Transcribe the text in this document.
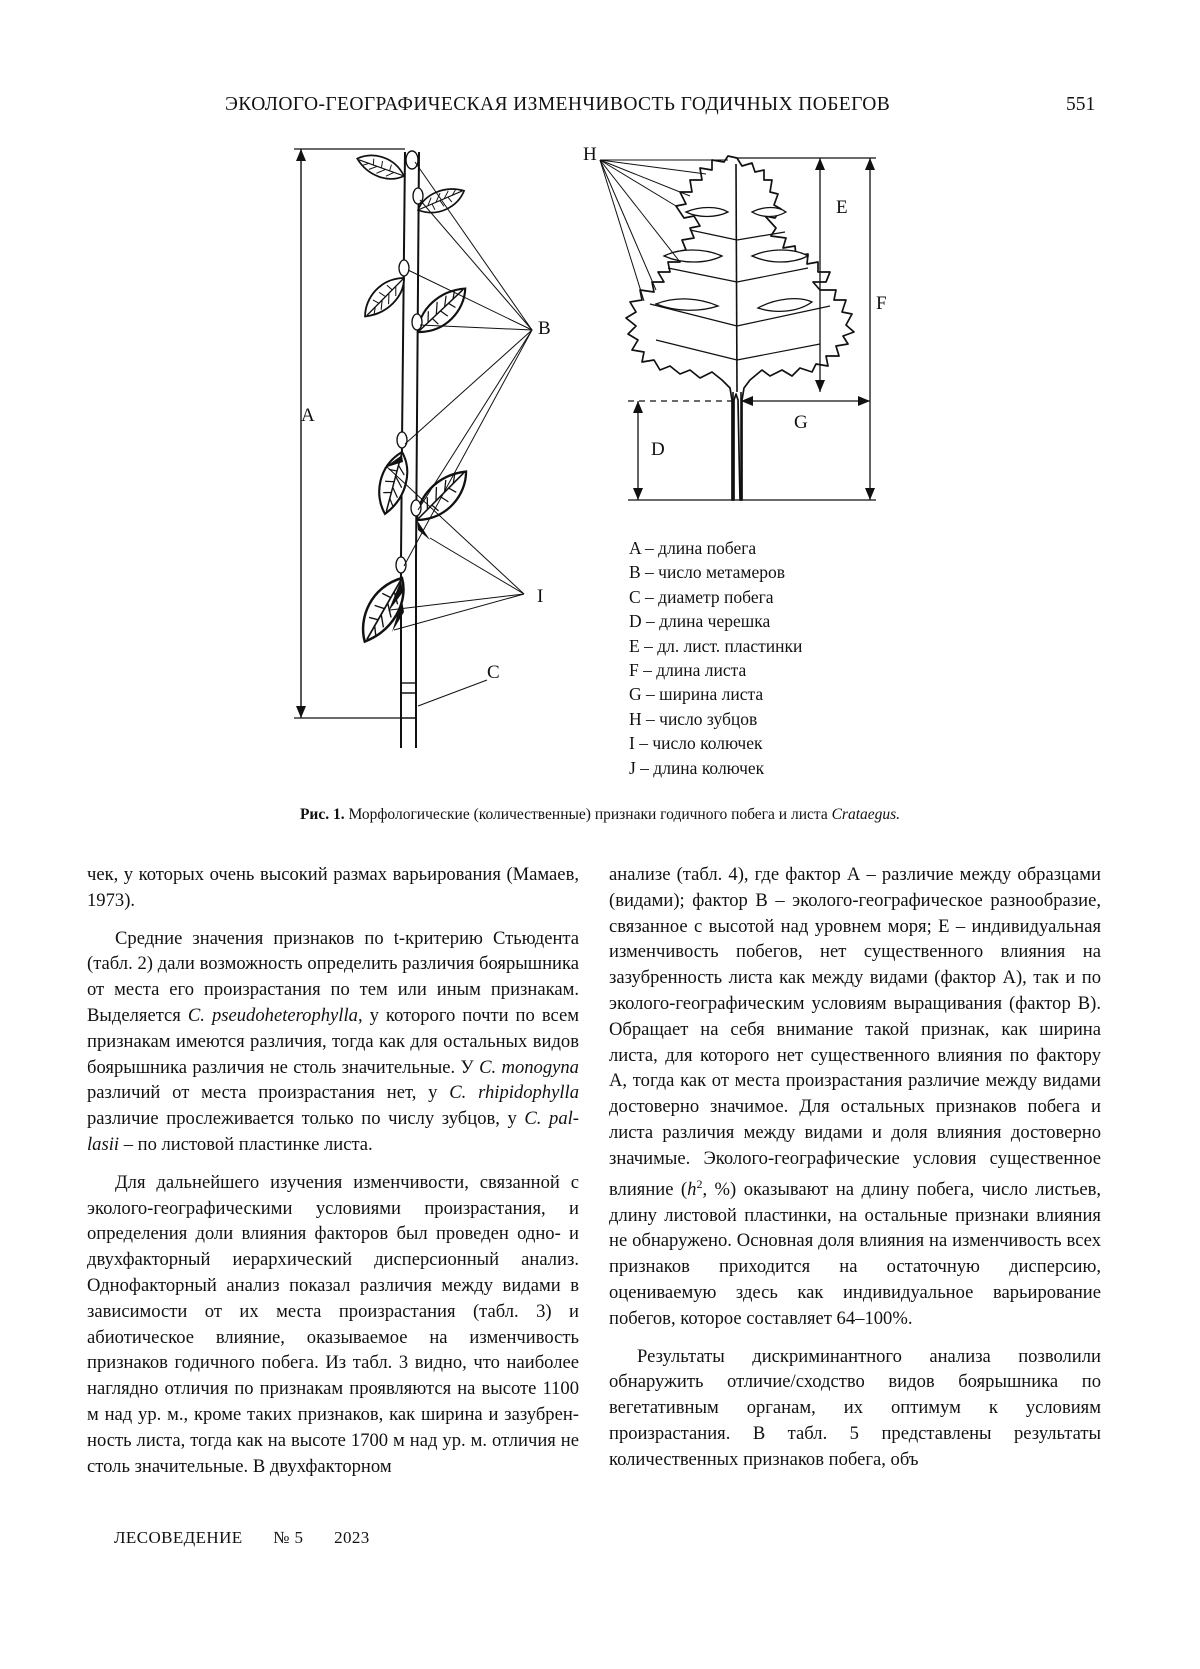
ЭКОЛОГО-ГЕОГРАФИЧЕСКАЯ ИЗМЕНЧИВОСТЬ ГОДИЧНЫХ ПОБЕГОВ	551
A
B
C
I
H
E
F
G
D
A – длина побега
B – число метамеров
C – диаметр побега
D – длина черешка
E – дл. лист. пластинки
F – длина листа
G – ширина листа
H – число зубцов
I – число колючек
J – длина колючек
Рис. 1. Морфологические (количественные) признаки годичного побега и листа Crataegus.

чек, у которых очень высокий размах варьирования (Мамаев, 1973).

Средние значения признаков по t-критерию Стьюдента (табл. 2) дали возможность определить различия боярышника от места его произрастания по тем или иным признакам. Выделяется C. pseudoheterophylla, у которого почти по всем признакам имеются различия, тогда как для остальных видов боярышника различия не столь значительные. У C. monogyna различий от места произрастания нет, у C. rhipidophylla различие прослеживается только по числу зубцов, у C. pallasii – по листовой пластинке листа.

Для дальнейшего изучения изменчивости, связанной с эколого-географическими условиями произрастания, и определения доли влияния факторов был проведен одно- и двухфакторный иерархический дисперсионный анализ. Однофакторный анализ показал различия между видами в зависимости от их места произрастания (табл. 3) и абиотическое влияние, оказываемое на изменчивость признаков годичного побега. Из табл. 3 видно, что наиболее наглядно отличия по признакам проявляются на высоте 1100 м над ур. м., кроме таких признаков, как ширина и зазубренность листа, тогда как на высоте 1700 м над ур. м. отличия не столь значительные. В двухфакторном

анализе (табл. 4), где фактор А – различие между образцами (видами); фактор В – эколого-географическое разнообразие, связанное с высотой над уровнем моря; Е – индивидуальная изменчивость побегов, нет существенного влияния на зазубренность листа как между видами (фактор А), так и по эколого-географическим условиям выращивания (фактор В). Обращает на себя внимание такой признак, как ширина листа, для которого нет существенного влияния по фактору А, тогда как от места произрастания различие между видами достоверно значимое. Для остальных признаков побега и листа различия между видами и доля влияния достоверно значимые. Эколого-географические условия существенное влияние ($h^2$, %) оказывают на длину побега, число листьев, длину листовой пластинки, на остальные признаки влияния не обнаружено. Основная доля влияния на изменчивость всех признаков приходится на остаточную дисперсию, оцениваемую здесь как индивидуальное варьирование побегов, которое составляет 64–100%.

Результаты дискриминантного анализа позволили обнаружить отличие/сходство видов боярышника по вегетативным органам, их оптимум к условиям произрастания. В табл. 5 представлены результаты количественных признаков побега, объ

ЛЕСОВЕДЕНИЕ № 5 2023
